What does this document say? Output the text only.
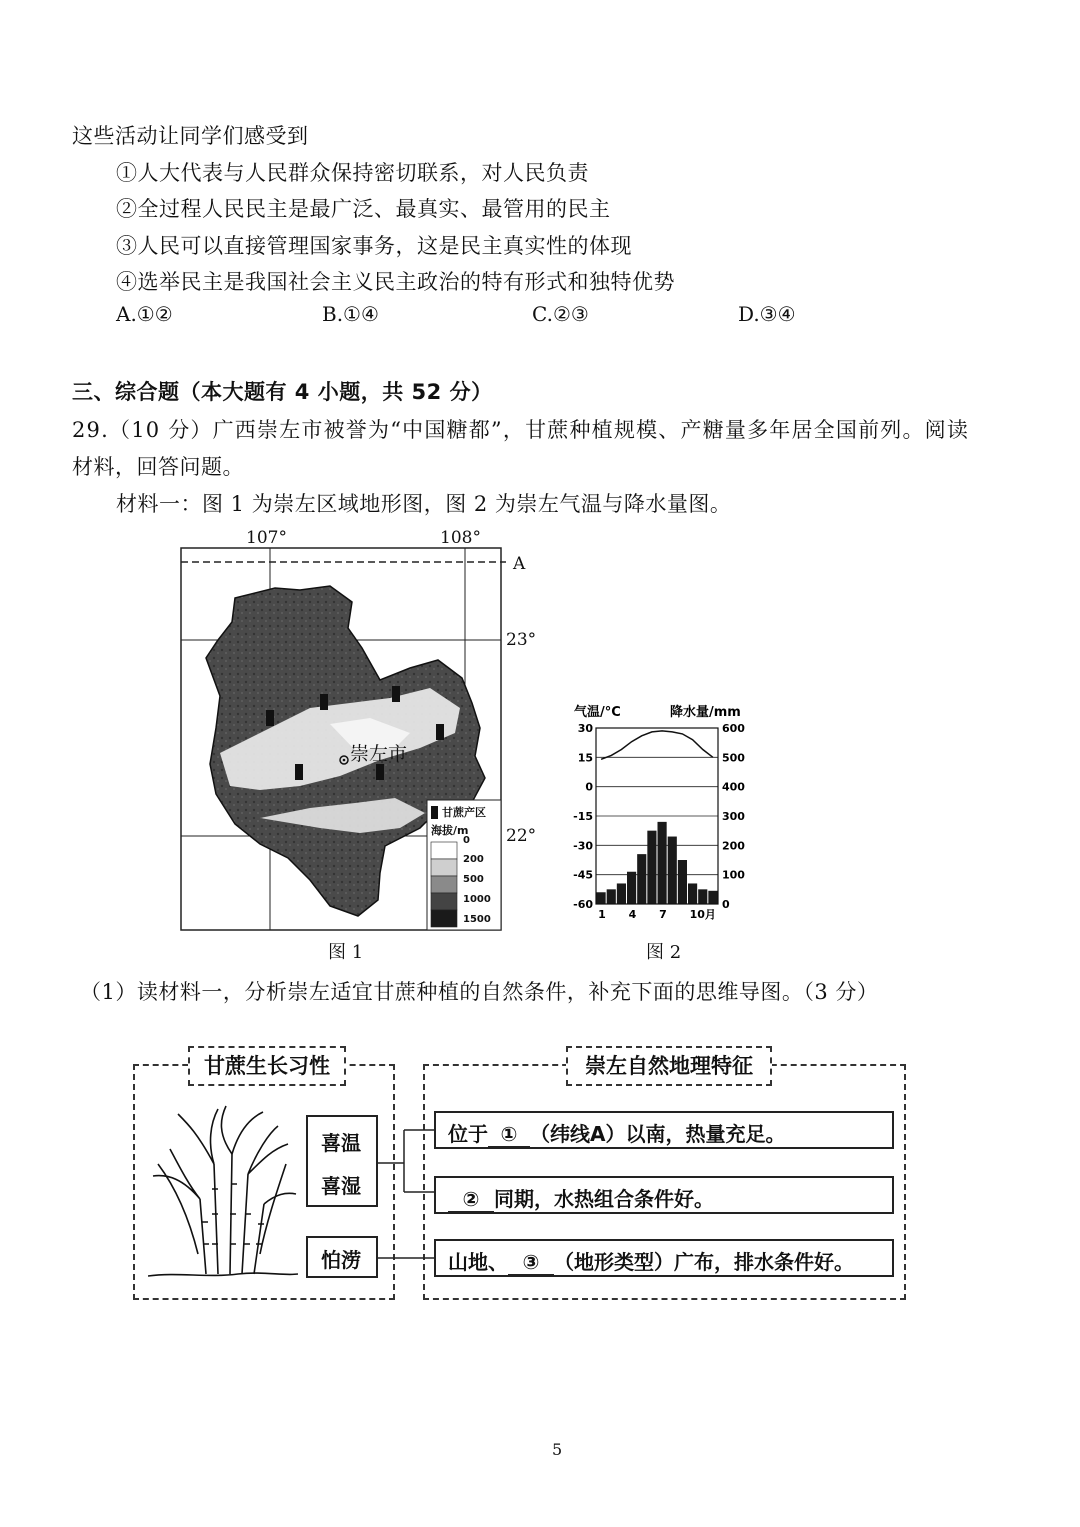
这些活动让同学们感受到
①人大代表与人民群众保持密切联系，对人民负责
②全过程人民民主是最广泛、最真实、最管用的民主
③人民可以直接管理国家事务，这是民主真实性的体现
④选举民主是我国社会主义民主政治的特有形式和独特优势
A.①②	B.①④	C.②③	D.③④
三、综合题（本大题有 4 小题，共 52 分）
29.（10 分）广西崇左市被誉为“中国糖都”，甘蔗种植规模、产糖量多年居全国前列。阅读
材料，回答问题。
材料一：图 1 为崇左区域地形图，图 2 为崇左气温与降水量图。
107°	108°
A
23°
22°
崇左市
甘蔗产区
海拔/m
0
200
500
1000
1500
图 1
30	600
15	500
0	400
-15	300
-30	200
-45	100
-60	0
1 4 7 10月
气温/°C	降水量/mm
图 2
（1）读材料一，分析崇左适宜甘蔗种植的自然条件，补充下面的思维导图。（3 分）
甘蔗生长习性	崇左自然地理特征
喜温
喜湿
怕涝
位于 ① （纬线A）以南，热量充足。
② 同期，水热组合条件好。
山地、 ③ （地形类型）广布，排水条件好。
5
